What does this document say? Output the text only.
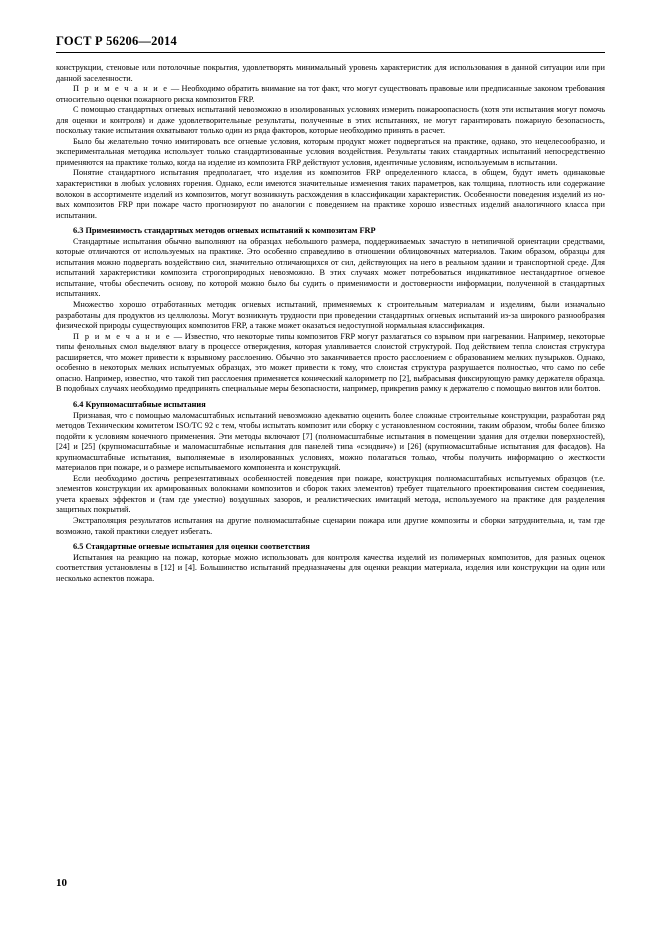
ГОСТ Р 56206—2014

конструкции, стеновые или потолочные покрытия, удовлетворять минимальный уровень характеристик для использования в данной ситуации или при данной заселенности.

П р и м е ч а н и е — Необходимо обратить внимание на тот факт, что могут существовать правовые или предписанные законом требования относительно оценки пожарного риска композитов FRP.

С помощью стандартных огневых испытаний невозможно в изолированных условиях измерить пожароопасность (хотя эти испытания могут помочь для оценки и контроля) и даже удовлетворительные результаты, полученные в этих испытаниях, не могут гарантировать пожарную безопасность, поскольку такие испытания охватывают только один из ряда факторов, которые необходимо принять в расчет.

Было бы желательно точно имитировать все огневые условия, которым продукт может подвергаться на практике, однако, это нецелесообразно, и экспериментальная методика использует только стандартизованные условия воздействия. Результаты таких стандартных испытаний непосредственно применяются на практике только, когда на изделие из композита FRP действуют условия, идентичные условиям, используемым в испытании.

Понятие стандартного испытания предполагает, что изделия из композитов FRP определенного класса, в общем, будут иметь одинаковые характеристики в любых условиях горения. Однако, если имеются значительные изменения таких параметров, как толщина, плотность или содержание волокон в ассортименте изделий из композитов, могут возникнуть расхождения в классификации характеристик. Особенности поведения изделий из новых композитов FRP при пожаре часто прогнозируют по аналогии с поведением на практике хорошо известных изделий аналогичного класса при испытании.

6.3 Применимость стандартных методов огневых испытаний к композитам FRP

Стандартные испытания обычно выполняют на образцах небольшого размера, поддерживаемых зачастую в нетипичной ориентации средствами, которые отличаются от используемых на практике. Это особенно справедливо в отношении облицовочных материалов. Таким образом, образцы для испытания можно подвергать воздействию сил, значительно отличающихся от сил, действующих на него в реальном здании и транспортной среде. Для испытаний характеристики композита строгоприродных невозможно. В этих случаях может потребоваться индикативное нестандартное огневое испытание, чтобы обеспечить основу, по которой можно было бы судить о применимости и достоверности информации, полученной в стандартных испытаниях.

Множество хорошо отработанных методик огневых испытаний, применяемых к строительным материалам и изделиям, были изначально разработаны для продуктов из целлюлозы. Могут возникнуть трудности при проведении стандартных огневых испытаний из-за широкого разнообразия физической природы существующих композитов FRP, а также может оказаться недоступной нормальная классификация.

П р и м е ч а н и е — Известно, что некоторые типы композитов FRP могут разлагаться со взрывом при нагревании. Например, некоторые типы фенольных смол выделяют влагу в процессе отверждения, которая улавливается слоистой структурой. Под действием тепла слоистая структура расширяется, что может привести к взрывному расслоению. Обычно это заканчивается просто расслоением с образованием мелких пузырьков. Однако, особенно в некоторых мелких испытуемых образцах, это может привести к тому, что слоистая структура разрушается полностью, что само по себе опасно. Например, известно, что такой тип расслоения применяется конический калориметр по [2], выбрасывая фиксирующую рамку держателя образца. В подобных случаях необходимо предпринять специальные меры безопасности, например, прикрепив рамку к держателю с помощью винтов или болтов.

6.4 Крупномасштабные испытания

Признавая, что с помощью маломасштабных испытаний невозможно адекватно оценить более сложные строительные конструкции, разработан ряд методов Техническим комитетом ISO/TC 92 с тем, чтобы испытать композит или сборку с установленном состоянии, таким образом, чтобы более близко подойти к условиям конечного применения. Эти методы включают [7] (полномасштабные испытания в помещении здания для отделки поверхностей), [24] и [25] (крупномасштабные и маломасштабные испытания для панелей типа «сэндвич») и [26] (крупномасштабные испытания для фасадов). На крупномасштабные испытания, выполняемые в изолированных условиях, можно полагаться только, чтобы получить информацию о жесткости материалов при пожаре, и о размере испытываемого компонента и конструкций.

Если необходимо достичь репрезентативных особенностей поведения при пожаре, конструкция полномасштабных испытуемых образцов (т.е. элементов конструкции их армированных волокнами композитов и сборок таких элементов) требует тщательного проектирования систем соединения, учета краевых эффектов и (там где уместно) воздушных зазоров, и реалистических имитаций метода, используемого на практике для разделения защитных покрытий.

Экстраполяция результатов испытания на другие полномасштабные сценарии пожара или другие композиты и сборки затруднительна, и, там где возможно, такой практики следует избегать.

6.5 Стандартные огневые испытания для оценки соответствия

Испытания на реакцию на пожар, которые можно использовать для контроля качества изделий из полимерных композитов, для разных оценок соответствия установлены в [12] и [4]. Большинство испытаний предназначены для оценки реакции материала, изделия или конструкции на один или несколько аспектов пожара.

10
